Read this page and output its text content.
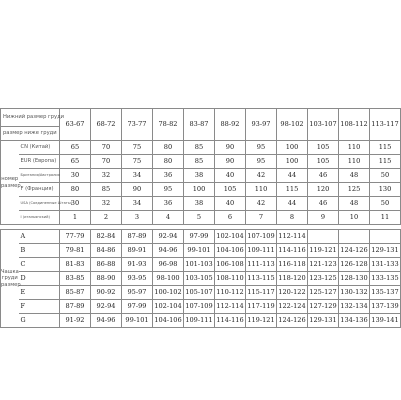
Нижний размер груди		63-67	68-72	73-77	78-82	83-87	88-92	93-97	98-102	103-107	108-112	113-117
размер ниже груди												
номер размер	CN (Китай)	65	70	75	80	85	90	95	100	105	110	115
	EUR (Европа)	65	70	75	80	85	90	95	100	105	110	115
	Британия/Австралия	30	32	34	36	38	40	42	44	46	48	50
	F (Франция)	80	85	90	95	100	105	110	115	120	125	130
	USA (Соединенные Штаты)	30	32	34	36	38	40	42	44	46	48	50
	I (итальянский)	1	2	3	4	5	6	7	8	9	10	11

Чашка груди размер	A	77-79	82-84	87-89	92-94	97-99	102-104	107-109	112-114			
	B	79-81	84-86	89-91	94-96	99-101	104-106	109-111	114-116	119-121	124-126	129-131
	C	81-83	86-88	91-93	96-98	101-103	106-108	111-113	116-118	121-123	126-128	131-133
	D	83-85	88-90	93-95	98-100	103-105	108-110	113-115	118-120	123-125	128-130	133-135
	E	85-87	90-92	95-97	100-102	105-107	110-112	115-117	120-122	125-127	130-132	135-137
	F	87-89	92-94	97-99	102-104	107-109	112-114	117-119	122-124	127-129	132-134	137-139
	G	91-92	94-96	99-101	104-106	109-111	114-116	119-121	124-126	129-131	134-136	139-141
